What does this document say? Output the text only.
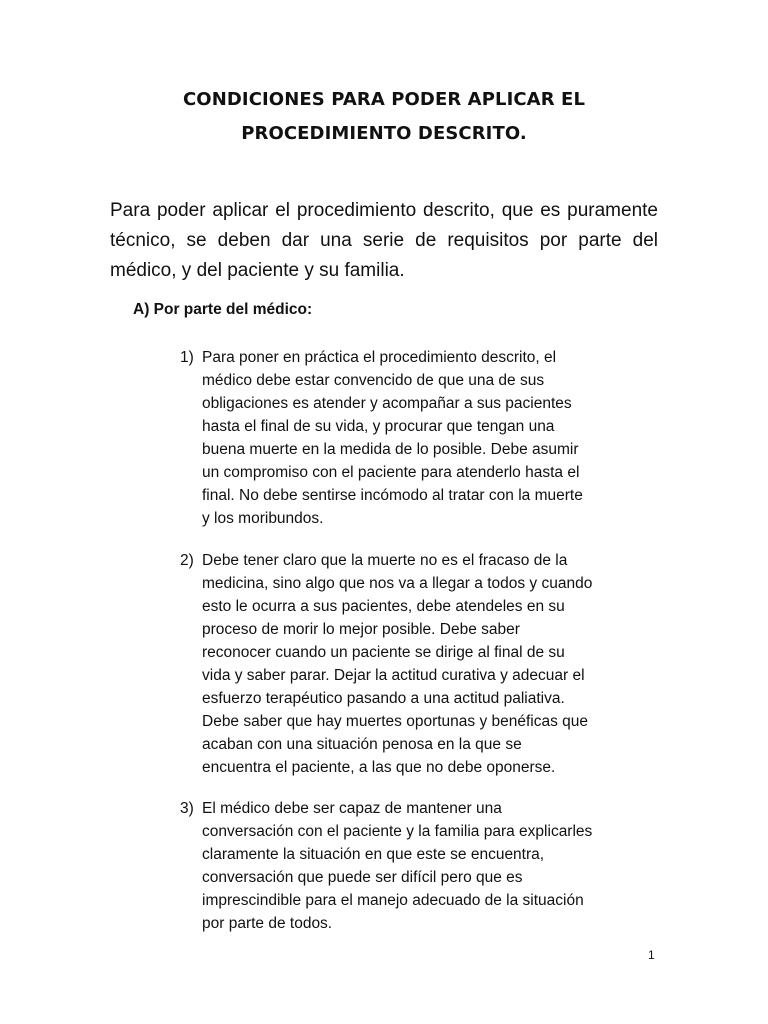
CONDICIONES PARA PODER APLICAR EL
PROCEDIMIENTO DESCRITO.

Para poder aplicar el procedimiento descrito, que es puramente técnico, se deben dar una serie de requisitos por parte del médico, y del paciente y su familia.

A) Por parte del médico:
1) Para poner en práctica el procedimiento descrito, el
médico debe estar convencido de que una de sus
obligaciones es atender y acompañar a sus pacientes
hasta el final de su vida, y procurar que tengan una
buena muerte en la medida de lo posible. Debe asumir
un compromiso con el paciente para atenderlo hasta el
final. No debe sentirse incómodo al tratar con la muerte
y los moribundos.
2) Debe tener claro que la muerte no es el fracaso de la
medicina, sino algo que nos va a llegar a todos y cuando
esto le ocurra a sus pacientes, debe atendeles en su
proceso de morir lo mejor posible. Debe saber
reconocer cuando un paciente se dirige al final de su
vida y saber parar. Dejar la actitud curativa y adecuar el
esfuerzo terapéutico pasando a una actitud paliativa.
Debe saber que hay muertes oportunas y benéficas que
acaban con una situación penosa en la que se
encuentra el paciente, a las que no debe oponerse.
3) El médico debe ser capaz de mantener una
conversación con el paciente y la familia para explicarles
claramente la situación en que este se encuentra,
conversación que puede ser difícil pero que es
imprescindible para el manejo adecuado de la situación
por parte de todos.
1
